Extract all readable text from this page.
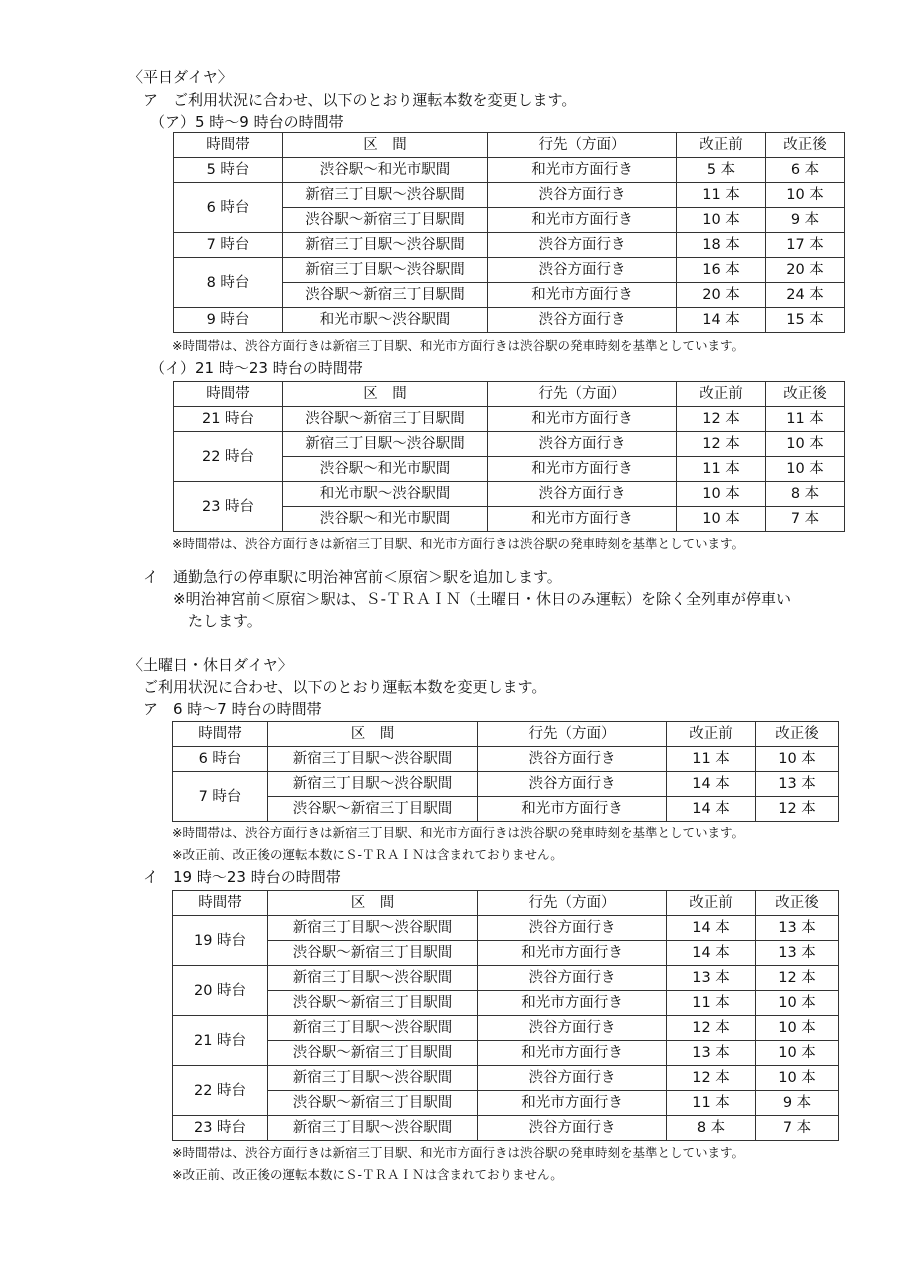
〈平日ダイヤ〉
ア　ご利用状況に合わせ、以下のとおり運転本数を変更します。
（ア）5 時～9 時台の時間帯
時間帯	区　間	行先（方面）	改正前	改正後
5 時台	渋谷駅～和光市駅間	和光市方面行き	5 本	6 本
6 時台	新宿三丁目駅～渋谷駅間	渋谷方面行き	11 本	10 本
	渋谷駅～新宿三丁目駅間	和光市方面行き	10 本	9 本
7 時台	新宿三丁目駅～渋谷駅間	渋谷方面行き	18 本	17 本
8 時台	新宿三丁目駅～渋谷駅間	渋谷方面行き	16 本	20 本
	渋谷駅～新宿三丁目駅間	和光市方面行き	20 本	24 本
9 時台	和光市駅～渋谷駅間	渋谷方面行き	14 本	15 本
※時間帯は、渋谷方面行きは新宿三丁目駅、和光市方面行きは渋谷駅の発車時刻を基準としています。
（イ）21 時～23 時台の時間帯
時間帯	区　間	行先（方面）	改正前	改正後
21 時台	渋谷駅～新宿三丁目駅間	和光市方面行き	12 本	11 本
22 時台	新宿三丁目駅～渋谷駅間	渋谷方面行き	12 本	10 本
	渋谷駅～和光市駅間	和光市方面行き	11 本	10 本
23 時台	和光市駅～渋谷駅間	渋谷方面行き	10 本	8 本
	渋谷駅～和光市駅間	和光市方面行き	10 本	7 本
※時間帯は、渋谷方面行きは新宿三丁目駅、和光市方面行きは渋谷駅の発車時刻を基準としています。
イ　通勤急行の停車駅に明治神宮前＜原宿＞駅を追加します。
※明治神宮前＜原宿＞駅は、Ｓ-ＴＲＡＩＮ（土曜日・休日のみ運転）を除く全列車が停車い
たします。
〈土曜日・休日ダイヤ〉
ご利用状況に合わせ、以下のとおり運転本数を変更します。
ア　6 時～7 時台の時間帯
時間帯	区　間	行先（方面）	改正前	改正後
6 時台	新宿三丁目駅～渋谷駅間	渋谷方面行き	11 本	10 本
7 時台	新宿三丁目駅～渋谷駅間	渋谷方面行き	14 本	13 本
	渋谷駅～新宿三丁目駅間	和光市方面行き	14 本	12 本
※時間帯は、渋谷方面行きは新宿三丁目駅、和光市方面行きは渋谷駅の発車時刻を基準としています。
※改正前、改正後の運転本数にＳ-ＴＲＡＩＮは含まれておりません。
イ　19 時～23 時台の時間帯
時間帯	区　間	行先（方面）	改正前	改正後
19 時台	新宿三丁目駅～渋谷駅間	渋谷方面行き	14 本	13 本
	渋谷駅～新宿三丁目駅間	和光市方面行き	14 本	13 本
20 時台	新宿三丁目駅～渋谷駅間	渋谷方面行き	13 本	12 本
	渋谷駅～新宿三丁目駅間	和光市方面行き	11 本	10 本
21 時台	新宿三丁目駅～渋谷駅間	渋谷方面行き	12 本	10 本
	渋谷駅～新宿三丁目駅間	和光市方面行き	13 本	10 本
22 時台	新宿三丁目駅～渋谷駅間	渋谷方面行き	12 本	10 本
	渋谷駅～新宿三丁目駅間	和光市方面行き	11 本	9 本
23 時台	新宿三丁目駅～渋谷駅間	渋谷方面行き	8 本	7 本
※時間帯は、渋谷方面行きは新宿三丁目駅、和光市方面行きは渋谷駅の発車時刻を基準としています。
※改正前、改正後の運転本数にＳ-ＴＲＡＩＮは含まれておりません。
